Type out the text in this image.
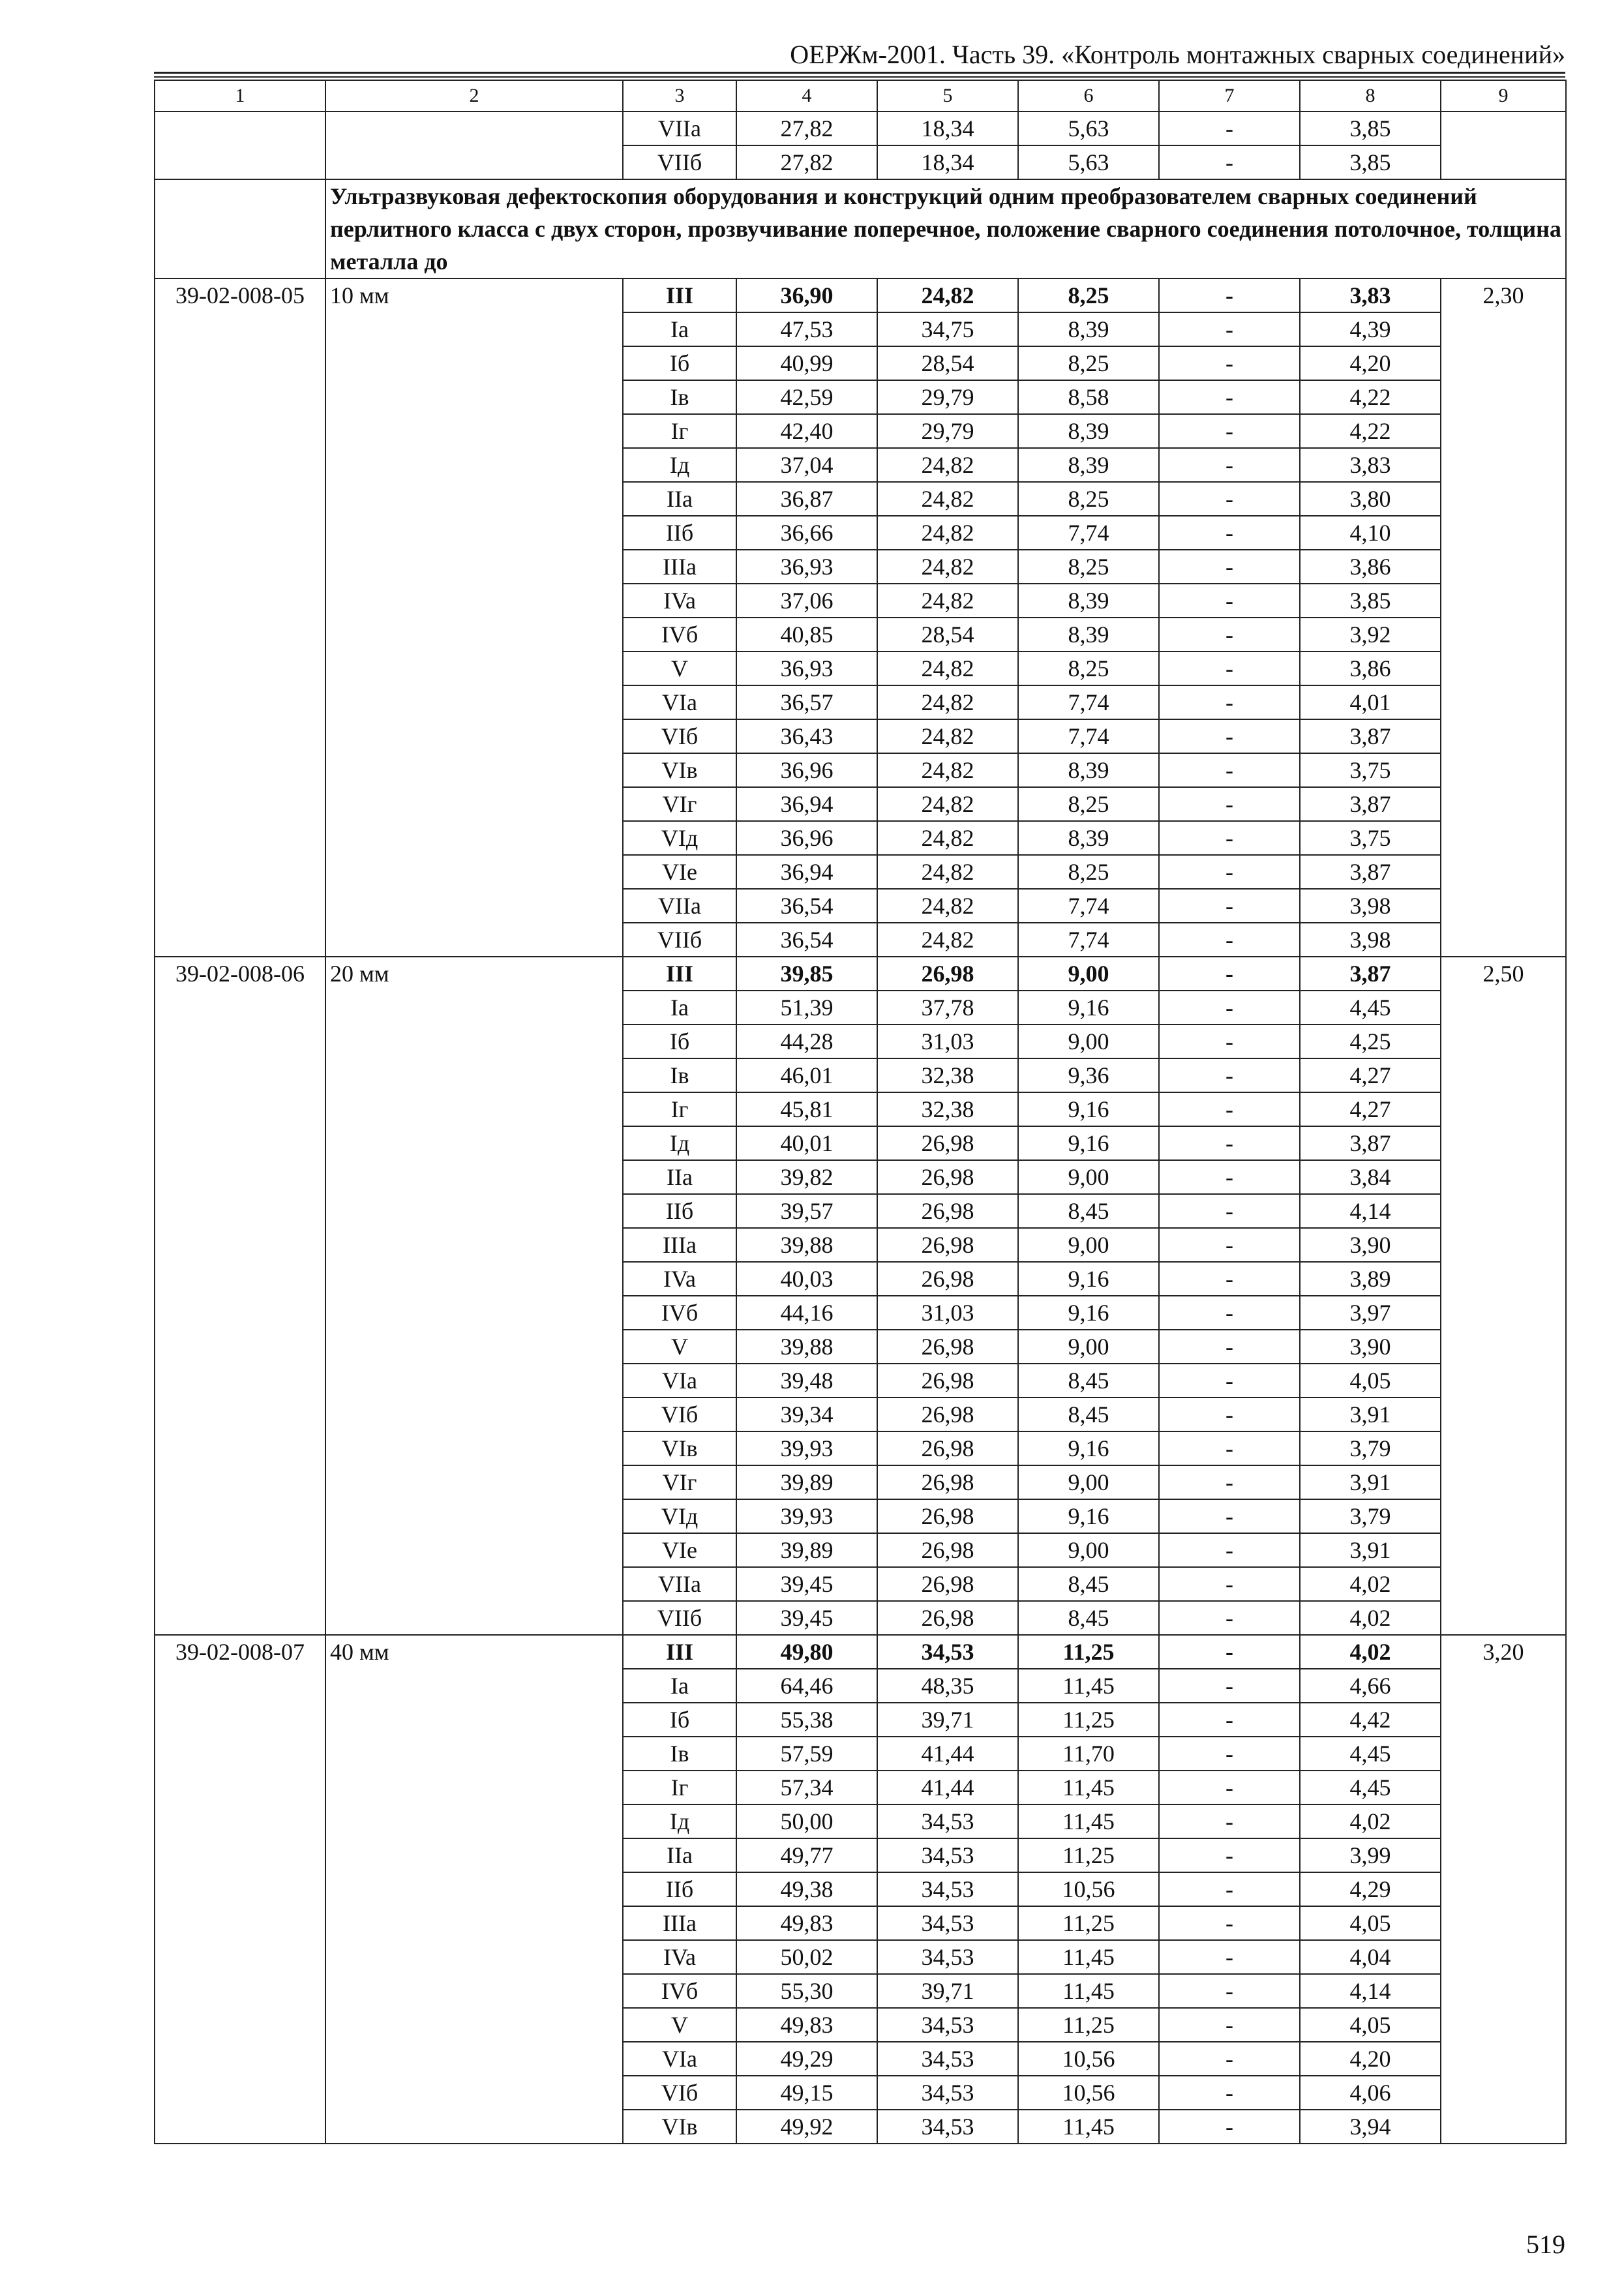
ОЕРЖм-2001. Часть 39. «Контроль монтажных сварных соединений»
1	2	3	4	5	6	7	8	9
		VIIa	27,82	18,34	5,63	-	3,85	
		VIIб	27,82	18,34	5,63	-	3,85	
	Ультразвуковая дефектоскопия оборудования и конструкций одним преобразователем сварных соединений перлитного класса с двух сторон, прозвучивание поперечное, положение сварного соединения потолочное, толщина металла до							
39-02-008-05	10 мм	III	36,90	24,82	8,25	-	3,83	2,30
		Ia	47,53	34,75	8,39	-	4,39	
		Iб	40,99	28,54	8,25	-	4,20	
		Iв	42,59	29,79	8,58	-	4,22	
		Iг	42,40	29,79	8,39	-	4,22	
		Iд	37,04	24,82	8,39	-	3,83	
		IIa	36,87	24,82	8,25	-	3,80	
		IIб	36,66	24,82	7,74	-	4,10	
		IIIa	36,93	24,82	8,25	-	3,86	
		IVa	37,06	24,82	8,39	-	3,85	
		IVб	40,85	28,54	8,39	-	3,92	
		V	36,93	24,82	8,25	-	3,86	
		VIa	36,57	24,82	7,74	-	4,01	
		VIб	36,43	24,82	7,74	-	3,87	
		VIв	36,96	24,82	8,39	-	3,75	
		VIг	36,94	24,82	8,25	-	3,87	
		VIд	36,96	24,82	8,39	-	3,75	
		VIe	36,94	24,82	8,25	-	3,87	
		VIIa	36,54	24,82	7,74	-	3,98	
		VIIб	36,54	24,82	7,74	-	3,98	
39-02-008-06	20 мм	III	39,85	26,98	9,00	-	3,87	2,50
		Ia	51,39	37,78	9,16	-	4,45	
		Iб	44,28	31,03	9,00	-	4,25	
		Iв	46,01	32,38	9,36	-	4,27	
		Iг	45,81	32,38	9,16	-	4,27	
		Iд	40,01	26,98	9,16	-	3,87	
		IIa	39,82	26,98	9,00	-	3,84	
		IIб	39,57	26,98	8,45	-	4,14	
		IIIa	39,88	26,98	9,00	-	3,90	
		IVa	40,03	26,98	9,16	-	3,89	
		IVб	44,16	31,03	9,16	-	3,97	
		V	39,88	26,98	9,00	-	3,90	
		VIa	39,48	26,98	8,45	-	4,05	
		VIб	39,34	26,98	8,45	-	3,91	
		VIв	39,93	26,98	9,16	-	3,79	
		VIг	39,89	26,98	9,00	-	3,91	
		VIд	39,93	26,98	9,16	-	3,79	
		VIe	39,89	26,98	9,00	-	3,91	
		VIIa	39,45	26,98	8,45	-	4,02	
		VIIб	39,45	26,98	8,45	-	4,02	
39-02-008-07	40 мм	III	49,80	34,53	11,25	-	4,02	3,20
		Ia	64,46	48,35	11,45	-	4,66	
		Iб	55,38	39,71	11,25	-	4,42	
		Iв	57,59	41,44	11,70	-	4,45	
		Iг	57,34	41,44	11,45	-	4,45	
		Iд	50,00	34,53	11,45	-	4,02	
		IIa	49,77	34,53	11,25	-	3,99	
		IIб	49,38	34,53	10,56	-	4,29	
		IIIa	49,83	34,53	11,25	-	4,05	
		IVa	50,02	34,53	11,45	-	4,04	
		IVб	55,30	39,71	11,45	-	4,14	
		V	49,83	34,53	11,25	-	4,05	
		VIa	49,29	34,53	10,56	-	4,20	
		VIб	49,15	34,53	10,56	-	4,06	
		VIв	49,92	34,53	11,45	-	3,94	
519
